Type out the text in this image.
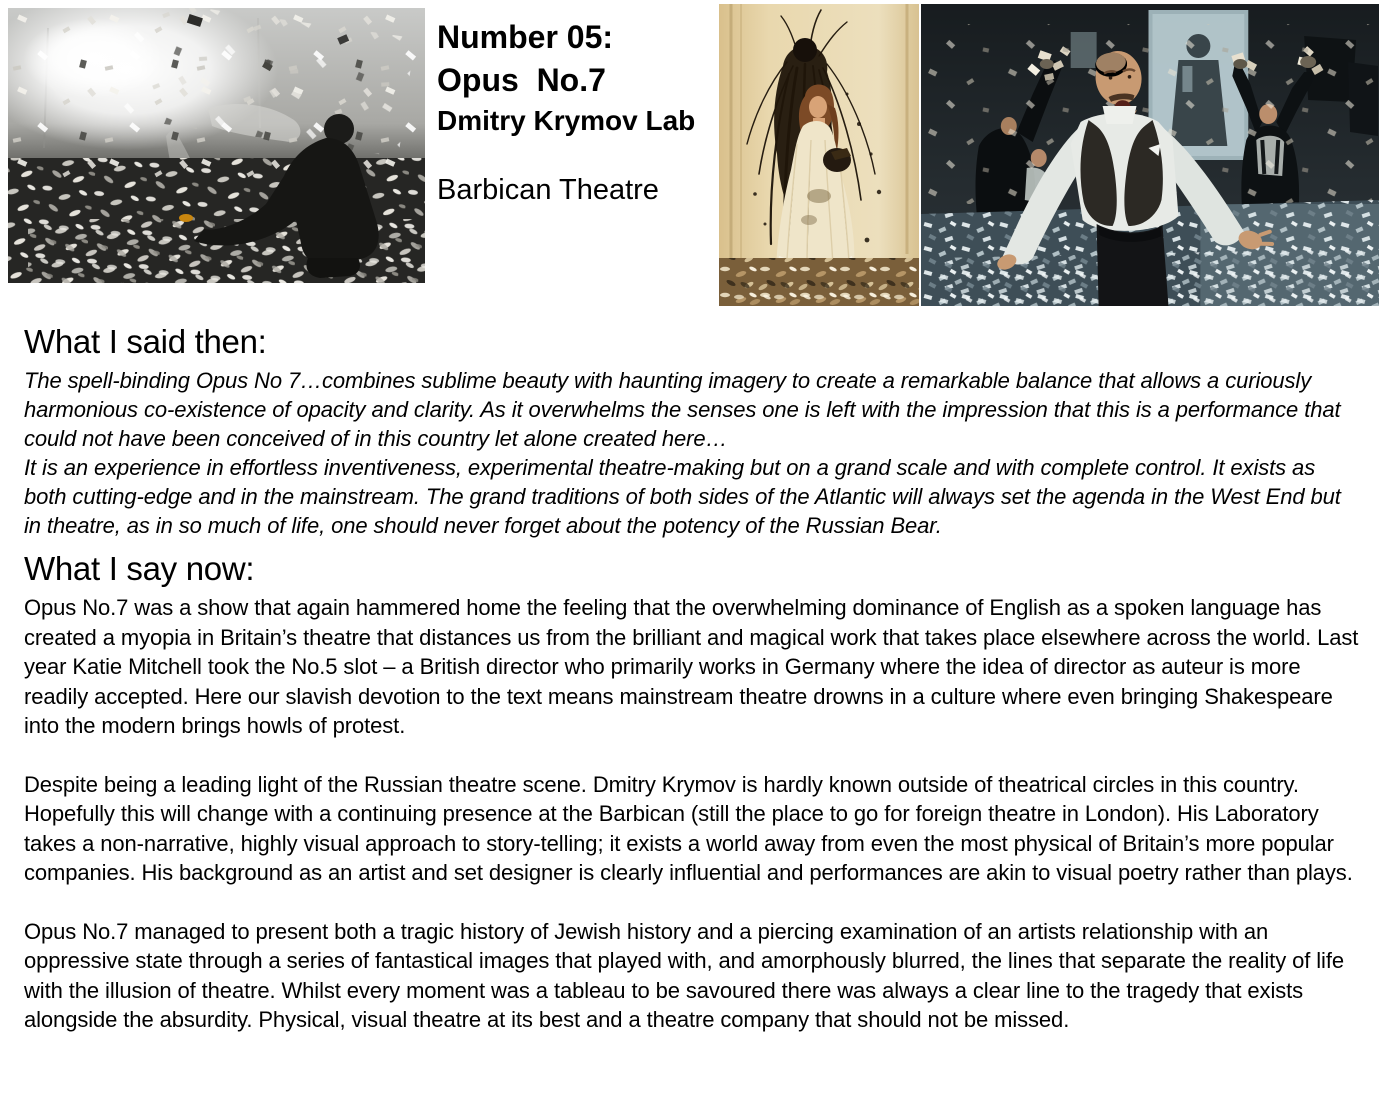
Number 05:
Opus  No.7
Dmitry Krymov Lab
Barbican Theatre
What I said then:

The spell-binding Opus No 7…combines sublime beauty with haunting imagery to create a remarkable balance that allows a curiously harmonious co-existence of opacity and clarity. As it overwhelms the senses one is left with the impression that this is a performance that could not have been conceived of in this country let alone created here…

It is an experience in effortless inventiveness, experimental theatre-making but on a grand scale and with complete control. It exists as both cutting-edge and in the mainstream. The grand traditions of both sides of the Atlantic will always set the agenda in the West End but in theatre, as in so much of life, one should never forget about the potency of the Russian Bear.

What I say now:

Opus No.7 was a show that again hammered home the feeling that the overwhelming dominance of English as a spoken language has created a myopia in Britain’s theatre that distances us from the brilliant and magical work that takes place elsewhere across the world. Last year Katie Mitchell took the No.5 slot – a British director who primarily works in Germany where the idea of director as auteur is more readily accepted. Here our slavish devotion to the text means mainstream theatre drowns in a culture where even bringing Shakespeare into the modern brings howls of protest.

Despite being a leading light of the Russian theatre scene. Dmitry Krymov is hardly known outside of theatrical circles in this country. Hopefully this will change with a continuing presence at the Barbican (still the place to go for foreign theatre in London). His Laboratory takes a non-narrative, highly visual approach to story-telling; it exists a world away from even the most physical of Britain’s more popular companies. His background as an artist and set designer is clearly influential and performances are akin to visual poetry rather than plays.

Opus No.7 managed to present both a tragic history of Jewish history and a piercing examination of an artists relationship with an oppressive state through a series of fantastical images that played with, and amorphously blurred, the lines that separate the reality of life with the illusion of theatre. Whilst every moment was a tableau to be savoured there was always a clear line to the tragedy that exists alongside the absurdity. Physical, visual theatre at its best and a theatre company that should not be missed.
